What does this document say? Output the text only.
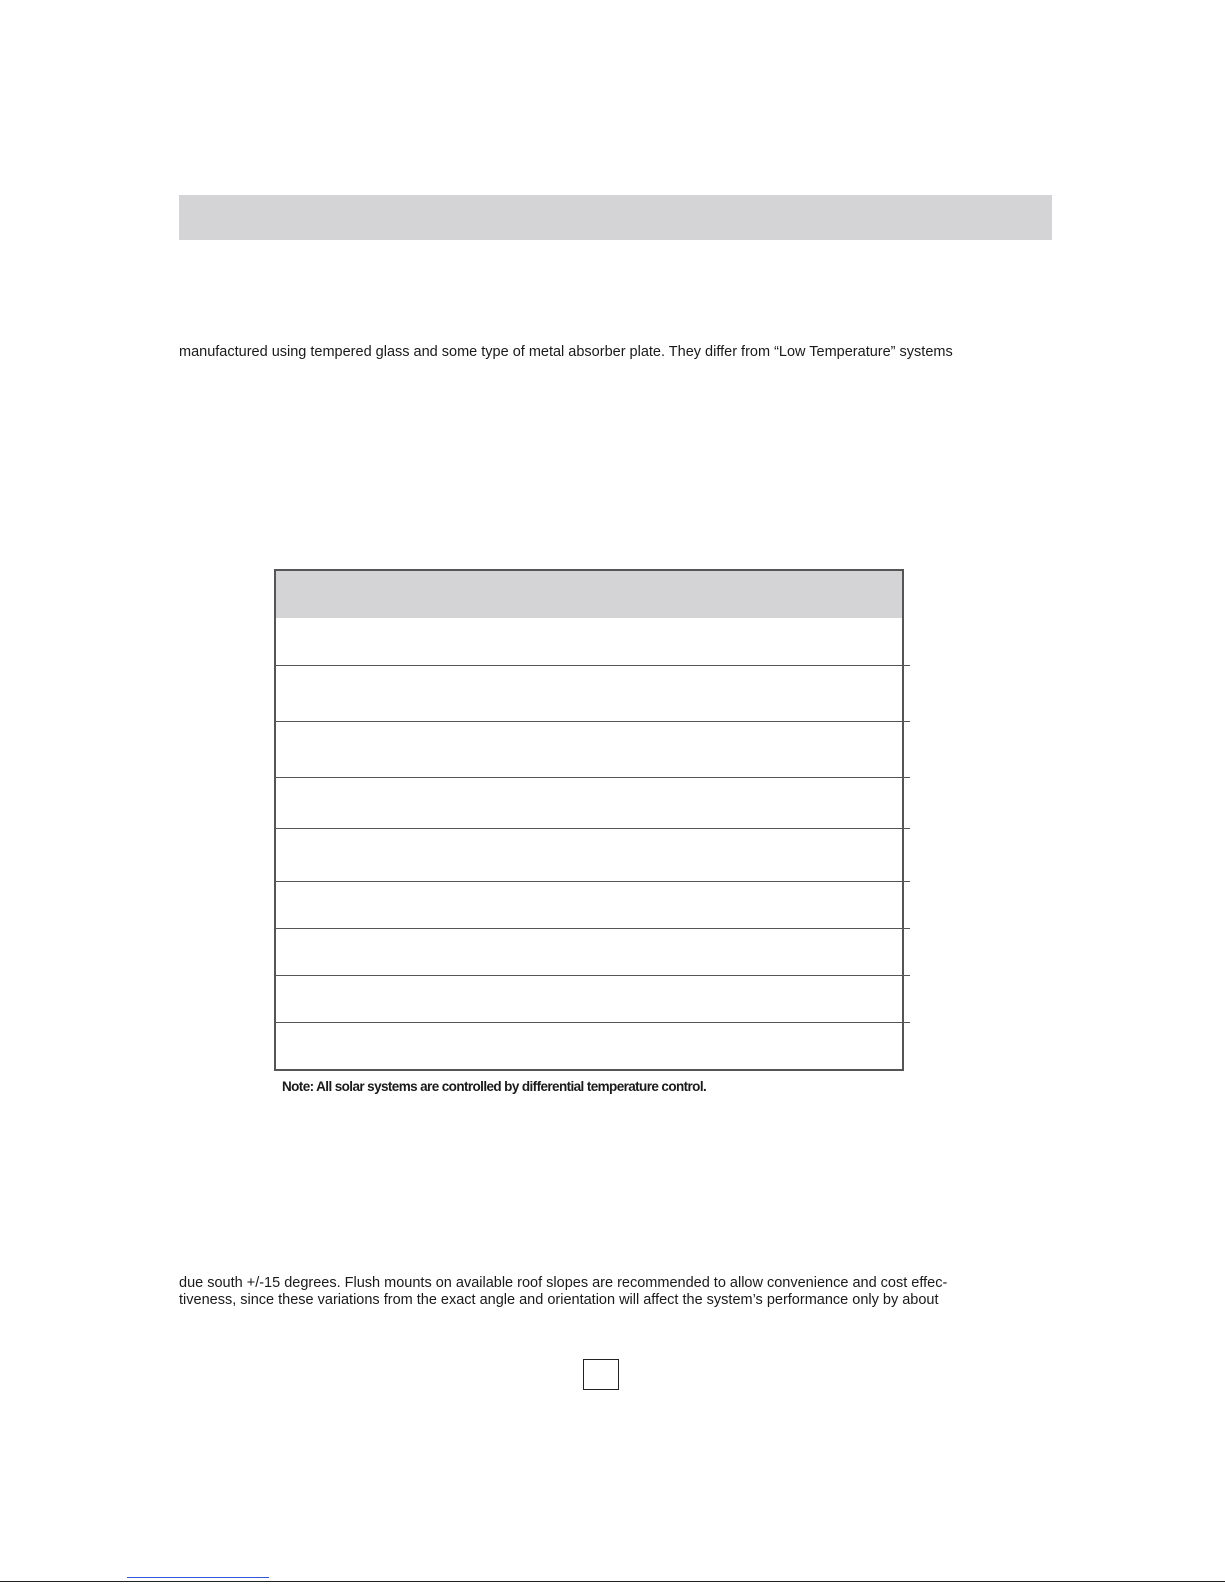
manufactured using tempered glass and some type of metal absorber plate. They differ from “Low Temperature” systems
Note: All solar systems are controlled by differential temperature control.
due south +/-15 degrees. Flush mounts on available roof slopes are recommended to allow convenience and cost effec-
tiveness, since these variations from the exact angle and orientation will affect the system’s performance only by about
